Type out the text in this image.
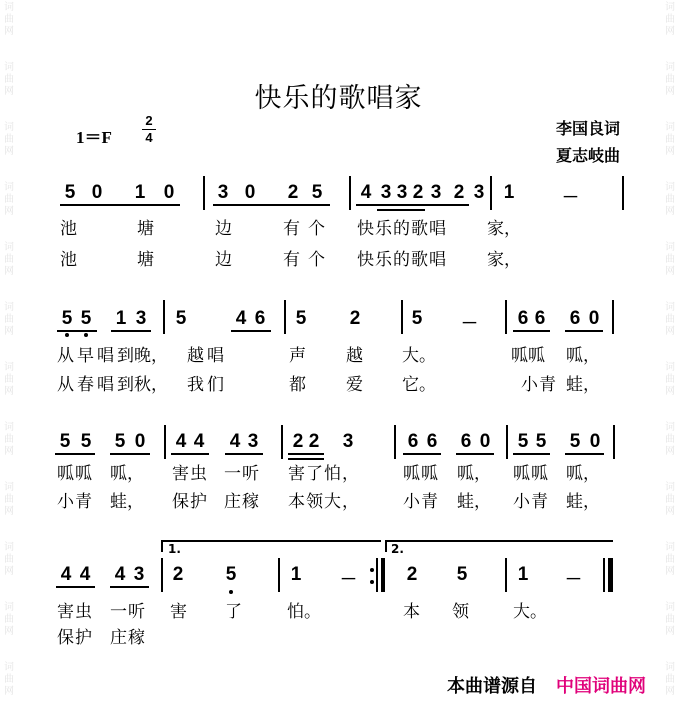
词
曲
网
词
曲
网
词
曲
网
词
曲
网
词
曲
网
词
曲
网
词
曲
网
词
曲
网
词
曲
网
词
曲
网
词
曲
网
词
曲
网
词
曲
网
词
曲
网
词
曲
网
词
曲
网
词
曲
网
词
曲
网
词
曲
网
词
曲
网
词
曲
网
词
曲
网
词
曲
网
词
曲
网
快乐的歌唱家
1＝F
2
4	李国良词
夏志岐曲
5 0 1 0 3 0 2 5 4 3 3 2 3 2 3 1	－
池	塘	边	有个 快乐的歌唱 家，
池	塘	边	有个 快乐的歌唱 家，
5 5 1 3 5	4 6 5 2	5 － 6 6 6 0
从早唱到
晚， 越唱	声 越 大。	呱呱 呱，
从春唱到
秋， 我们	都 爱 它。	小青 蛙，
5 5 5 0 4 4 4 3 2 2 3	6 6 6 0 5 5 5 0
呱呱 呱， 害虫 一听 害了怕，	呱呱 呱， 呱呱 呱，
小青 蛙， 保护 庄稼 本领大，	小青 蛙， 小青 蛙，
1.	2.
4 4 4 3 2 5	1 －	2 5	1 －
害虫 一听 害 了	怕。	本 领	大。
保护 庄稼
本曲谱源自 中国词曲网
